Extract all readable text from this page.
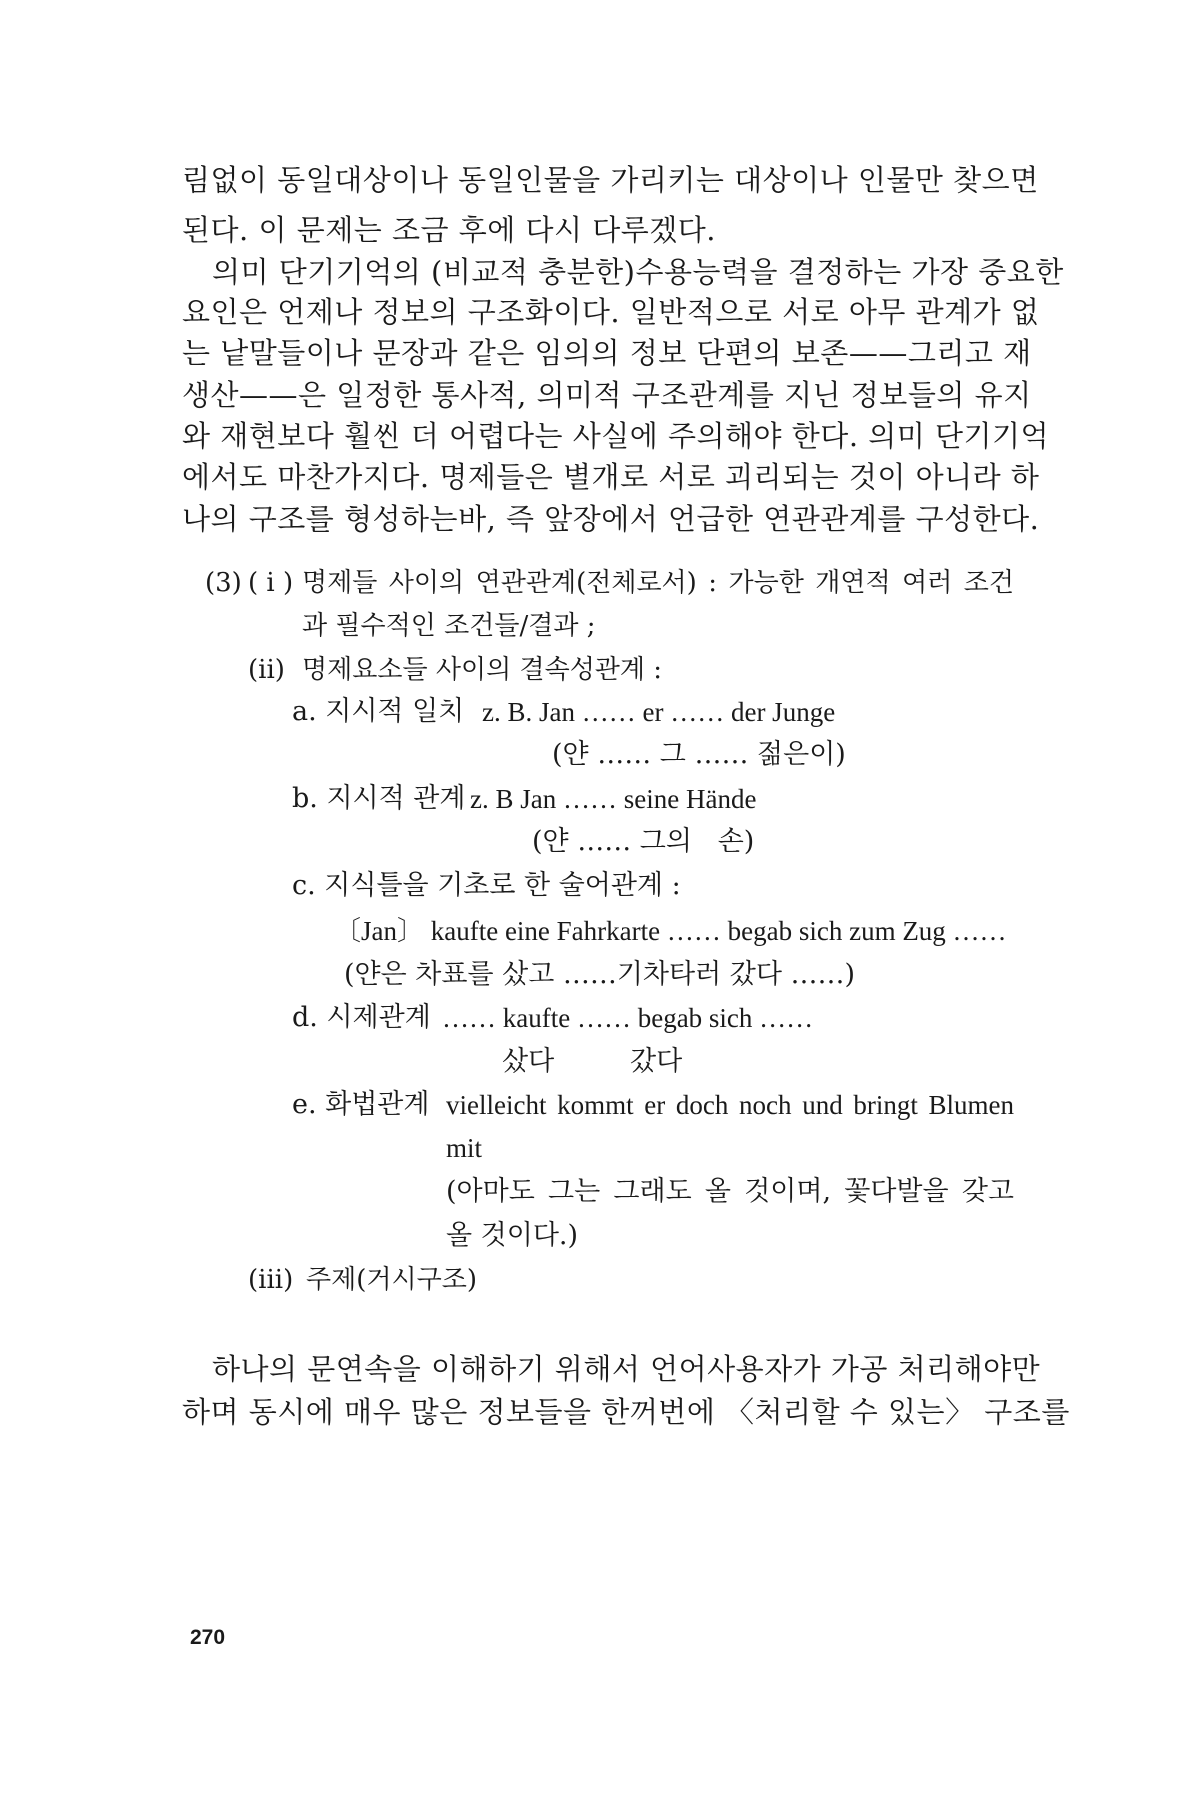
림없이 동일대상이나 동일인물을 가리키는 대상이나 인물만 찾으면
된다. 이 문제는 조금 후에 다시 다루겠다.
의미 단기기억의 (비교적 충분한)수용능력을 결정하는 가장 중요한
요인은 언제나 정보의 구조화이다. 일반적으로 서로 아무 관계가 없
는 낱말들이나 문장과 같은 임의의 정보 단편의 보존——그리고 재
생산——은 일정한 통사적, 의미적 구조관계를 지닌 정보들의 유지
와 재현보다 훨씬 더 어렵다는 사실에 주의해야 한다. 의미 단기기억
에서도 마찬가지다. 명제들은 별개로 서로 괴리되는 것이 아니라 하
나의 구조를 형성하는바, 즉 앞장에서 언급한 연관관계를 구성한다.
(3) ( i ) 명제들 사이의 연관관계(전체로서) : 가능한 개연적 여러 조건
과 필수적인 조건들/결과 ;
(ii) 명제요소들 사이의 결속성관계 :
a. 지시적 일치 z. B. Jan …… er …… der Junge
(얀 …… 그 …… 젊은이)
b. 지시적 관계 z. B Jan …… seine Hände
(얀 …… 그의   손)
c. 지식틀을 기초로 한 술어관계 :
〔Jan〕 kaufte eine Fahrkarte …… begab sich zum Zug ……
(얀은 차표를 샀고 ……기차타러 갔다 ……)
d. 시제관계 …… kaufte …… begab sich ……
샀다	갔다
e. 화법관계 vielleicht kommt er doch noch und bringt Blumen
mit
(아마도 그는 그래도 올 것이며, 꽃다발을 갖고
올 것이다.)
(iii) 주제(거시구조)
하나의 문연속을 이해하기 위해서 언어사용자가 가공 처리해야만
하며 동시에 매우 많은 정보들을 한꺼번에 〈처리할 수 있는〉 구조를
270
